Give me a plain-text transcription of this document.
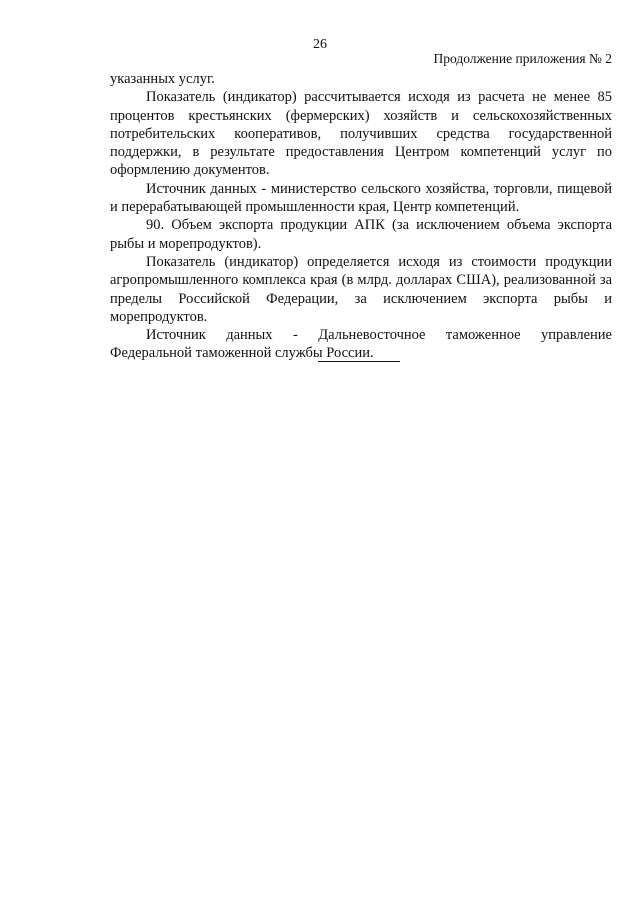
26
Продолжение приложения № 2

указанных услуг.

Показатель (индикатор) рассчитывается исходя из расчета не менее 85 процентов крестьянских (фермерских) хозяйств и сельскохозяйственных потребительских кооперативов, получивших средства государственной поддержки, в результате предоставления Центром компетенций услуг по оформлению документов.

Источник данных - министерство сельского хозяйства, торговли, пищевой и перерабатывающей промышленности края, Центр компетенций.

90. Объем экспорта продукции АПК (за исключением объема экспорта рыбы и морепродуктов).

Показатель (индикатор) определяется исходя из стоимости продукции агропромышленного комплекса края (в млрд. долларах США), реализованной за пределы Российской Федерации, за исключением экспорта рыбы и морепродуктов.

Источник данных - Дальневосточное таможенное управление Федеральной таможенной службы России.
